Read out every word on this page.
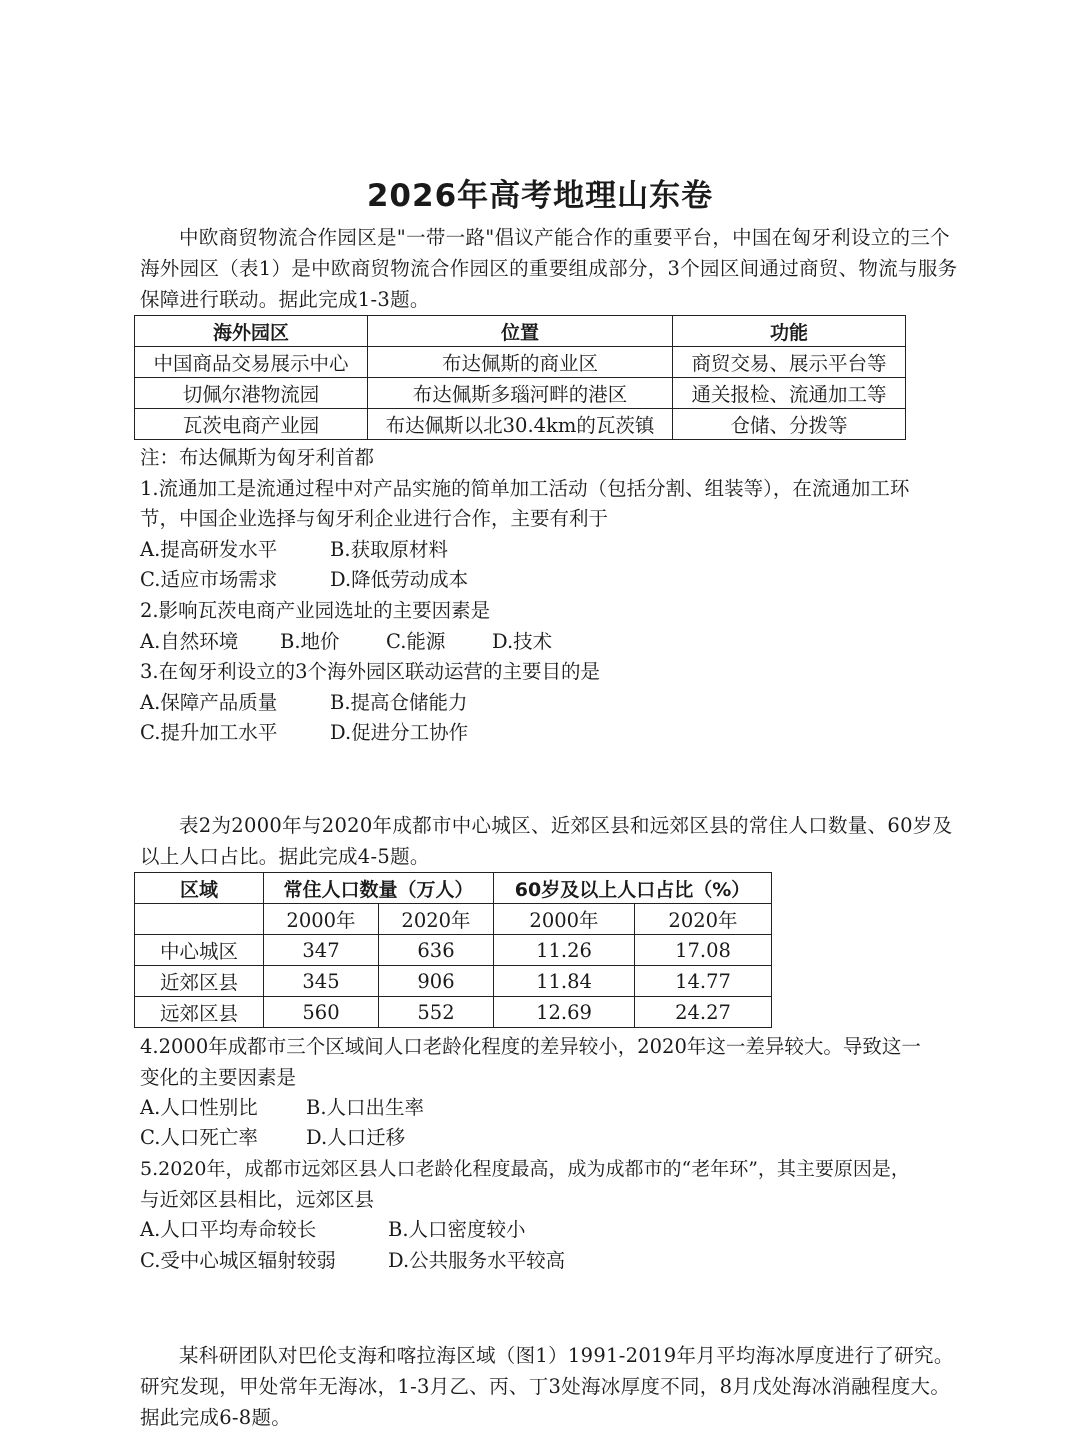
2026年高考地理山东卷
中欧商贸物流合作园区是"一带一路"倡议产能合作的重要平台，中国在匈牙利设立的三个海外园区（表1）是中欧商贸物流合作园区的重要组成部分，3个园区间通过商贸、物流与服务保障进行联动。据此完成1-3题。
海外园区	位置	功能
中国商品交易展示中心	布达佩斯的商业区	商贸交易、展示平台等
切佩尔港物流园	布达佩斯多瑙河畔的港区	通关报检、流通加工等
瓦茨电商产业园	布达佩斯以北30.4km的瓦茨镇	仓储、分拨等
注：布达佩斯为匈牙利首都
1.流通加工是流通过程中对产品实施的简单加工活动（包括分割、组装等），在流通加工环
节，中国企业选择与匈牙利企业进行合作，主要有利于
A.提高研发水平	B.获取原材料
C.适应市场需求	D.降低劳动成本
2.影响瓦茨电商产业园选址的主要因素是
A.自然环境 B.地价 C.能源 D.技术
3.在匈牙利设立的3个海外园区联动运营的主要目的是
A.保障产品质量	B.提高仓储能力
C.提升加工水平	D.促进分工协作
表2为2000年与2020年成都市中心城区、近郊区县和远郊区县的常住人口数量、60岁及以上人口占比。据此完成4-5题。
区域	常住人口数量（万人）		60岁及以上人口占比（%）	
	2000年	2020年	2000年	2020年
中心城区	347	636	11.26	17.08
近郊区县	345	906	11.84	14.77
远郊区县	560	552	12.69	24.27
4.2000年成都市三个区域间人口老龄化程度的差异较小，2020年这一差异较大。导致这一
变化的主要因素是
A.人口性别比 B.人口出生率
C.人口死亡率 D.人口迁移
5.2020年，成都市远郊区县人口老龄化程度最高，成为成都市的“老年环”，其主要原因是，
与近郊区县相比，远郊区县
A.人口平均寿命较长	B.人口密度较小
C.受中心城区辐射较弱	D.公共服务水平较高
某科研团队对巴伦支海和喀拉海区域（图1）1991-2019年月平均海冰厚度进行了研究。研究发现，甲处常年无海冰，1-3月乙、丙、丁3处海冰厚度不同，8月戊处海冰消融程度大。据此完成6-8题。
